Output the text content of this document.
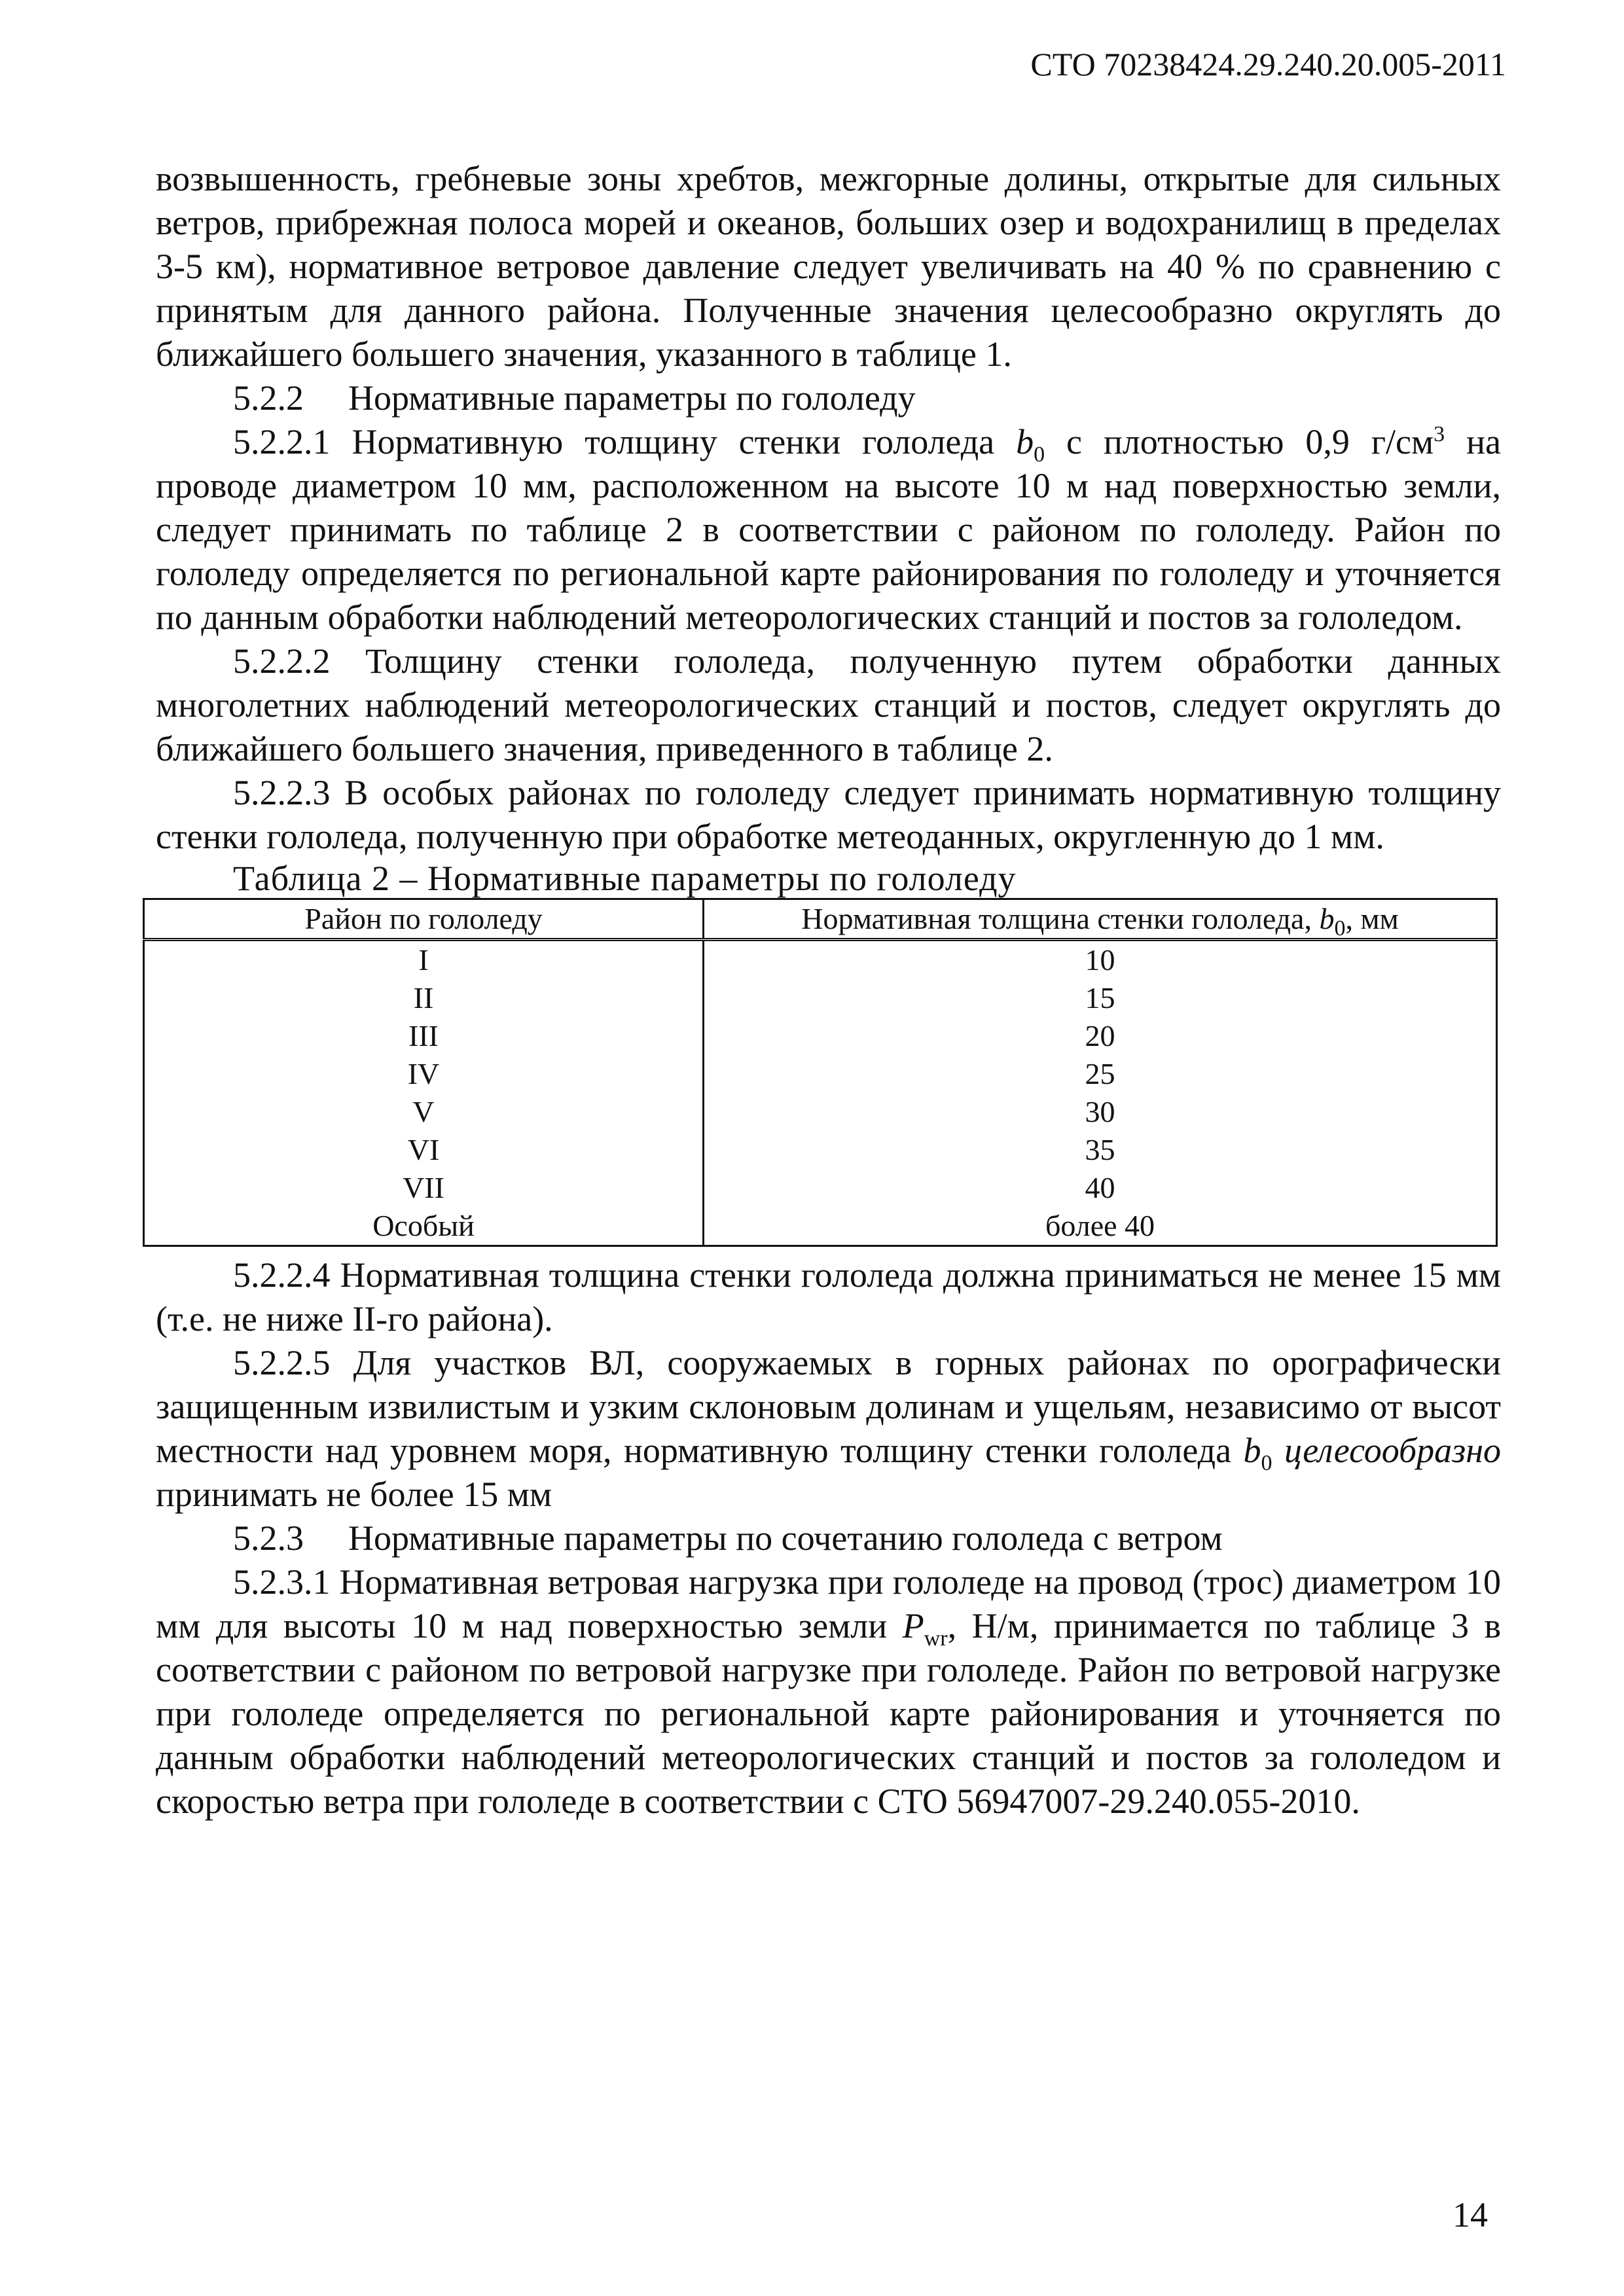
СТО 70238424.29.240.20.005-2011

возвышенность, гребневые зоны хребтов, межгорные долины, открытые для сильных ветров, прибрежная полоса морей и океанов, больших озер и водохранилищ в пределах 3-5 км), нормативное ветровое давление следует увеличивать на 40 % по сравнению с принятым для данного района. Полученные значения целесообразно округлять до ближайшего большего значения, указанного в таблице 1.

5.2.2 Нормативные параметры по гололеду

5.2.2.1 Нормативную толщину стенки гололеда $b_0$ с плотностью 0,9 $г/см^3$ на проводе диаметром 10 мм, расположенном на высоте 10 м над поверхностью земли, следует принимать по таблице 2 в соответствии с районом по гололеду. Район по гололеду определяется по региональной карте районирования по гололеду и уточняется по данным обработки наблюдений метеорологических станций и постов за гололедом.

5.2.2.2 Толщину стенки гололеда, полученную путем обработки данных многолетних наблюдений метеорологических станций и постов, следует округлять до ближайшего большего значения, приведенного в таблице 2.

5.2.2.3 В особых районах по гололеду следует принимать нормативную толщину стенки гололеда, полученную при обработке метеоданных, округленную до 1 мм.

Таблица 2 – Нормативные параметры по гололеду

Район по гололеду	Нормативная толщина стенки гололеда, $b_0$, мм
I	10
II	15
III	20
IV	25
V	30
VI	35
VII	40
Особый	более 40

5.2.2.4 Нормативная толщина стенки гололеда должна приниматься не менее 15 мм (т.е. не ниже II-го района).

5.2.2.5 Для участков ВЛ, сооружаемых в горных районах по орографически защищенным извилистым и узким склоновым долинам и ущельям, независимо от высот местности над уровнем моря, нормативную толщину стенки гололеда $b_0$ целесообразно принимать не более 15 мм

5.2.3 Нормативные параметры по сочетанию гололеда с ветром

5.2.3.1 Нормативная ветровая нагрузка при гололеде на провод (трос) диаметром 10 мм для высоты 10 м над поверхностью земли $P_{wr}$, Н/м, принимается по таблице 3 в соответствии с районом по ветровой нагрузке при гололеде. Район по ветровой нагрузке при гололеде определяется по региональной карте районирования и уточняется по данным обработки наблюдений метеорологических станций и постов за гололедом и скоростью ветра при гололеде в соответствии с СТО 56947007-29.240.055-2010.

14
